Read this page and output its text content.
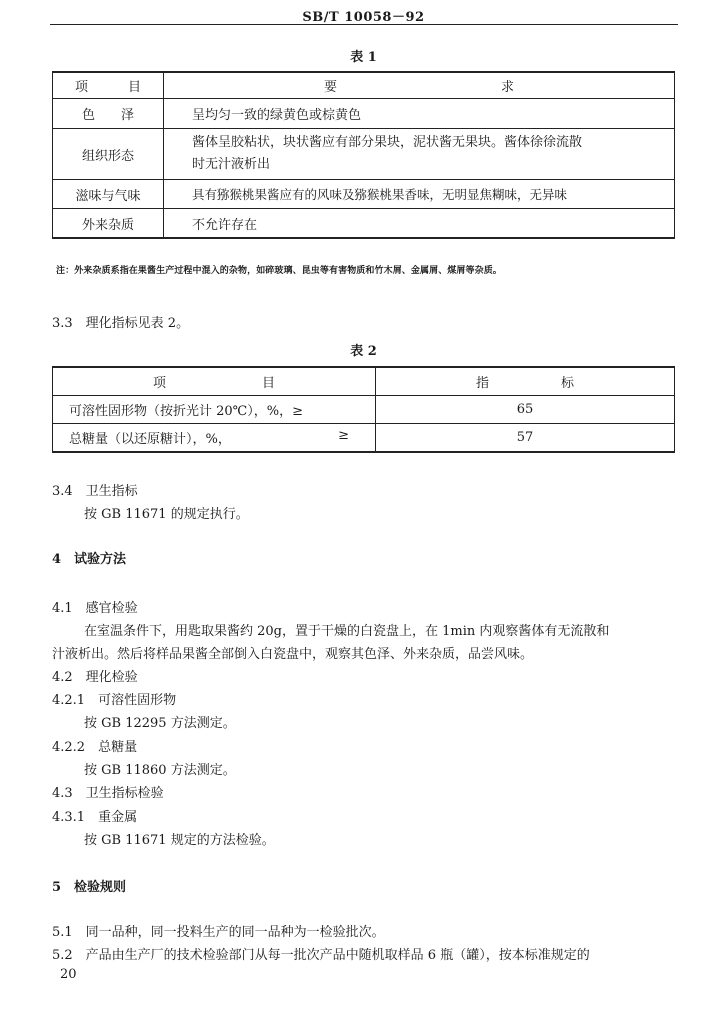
SB/T 10058－92
表 1
项 目	要 求

色　　泽	呈均匀一致的绿黄色或棕黄色
组织形态	酱体呈胶粘状，块状酱应有部分果块，泥状酱无果块。酱体徐徐流散
时无汁液析出

滋味与气味	具有猕猴桃果酱应有的风味及猕猴桃果香味，无明显焦糊味，无异味
外来杂质	不允许存在
注：外来杂质系指在果酱生产过程中混入的杂物，如碎玻璃、昆虫等有害物质和竹木屑、金属屑、煤屑等杂质。
3.3　理化指标见表 2。
表 2
项 目	指 标

可溶性固形物（按折光计 20℃），%，≥	65

总糖量（以还原糖计），%， ≥	57
3.4　卫生指标
按 GB 11671 的规定执行。
4　试验方法
4.1　感官检验
在室温条件下，用匙取果酱约 20g，置于干燥的白瓷盘上，在 1min 内观察酱体有无流散和
汁液析出。然后将样品果酱全部倒入白瓷盘中，观察其色泽、外来杂质，品尝风味。
4.2　理化检验
4.2.1　可溶性固形物
按 GB 12295 方法测定。
4.2.2　总糖量
按 GB 11860 方法测定。
4.3　卫生指标检验
4.3.1　重金属
按 GB 11671 规定的方法检验。
5　检验规则
5.1　同一品种，同一投料生产的同一品种为一检验批次。
5.2　产品由生产厂的技术检验部门从每一批次产品中随机取样品 6 瓶（罐），按本标准规定的
20
